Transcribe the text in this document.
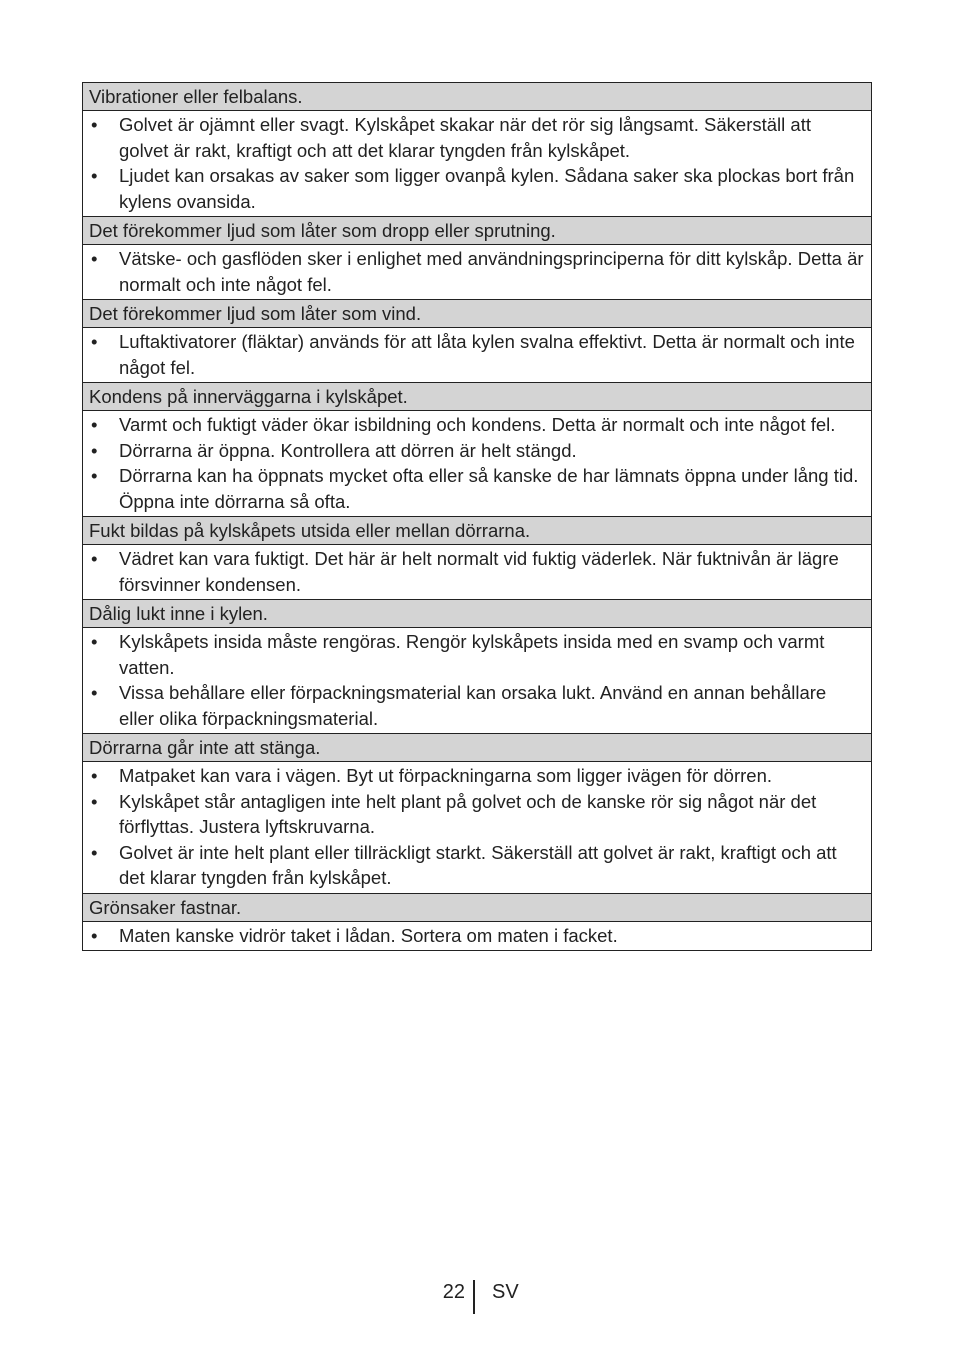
Vibrationer eller felbalans.
• Golvet är ojämnt eller svagt. Kylskåpet skakar när det rör sig långsamt. Säkerställ att golvet är rakt, kraftigt och att det klarar tyngden från kylskåpet.
• Ljudet kan orsakas av saker som ligger ovanpå kylen. Sådana saker ska plockas bort från kylens ovansida.
Det förekommer ljud som låter som dropp eller sprutning.
• Vätske- och gasflöden sker i enlighet med användningsprinciperna för ditt kylskåp. Detta är normalt och inte något fel.
Det förekommer ljud som låter som vind.
• Luftaktivatorer (fläktar) används för att låta kylen svalna effektivt. Detta är normalt och inte något fel.
Kondens på innerväggarna i kylskåpet.
• Varmt och fuktigt väder ökar isbildning och kondens. Detta är normalt och inte något fel.
• Dörrarna är öppna. Kontrollera att dörren är helt stängd.
• Dörrarna kan ha öppnats mycket ofta eller så kanske de har lämnats öppna under lång tid. Öppna inte dörrarna så ofta.
Fukt bildas på kylskåpets utsida eller mellan dörrarna.
• Vädret kan vara fuktigt. Det här är helt normalt vid fuktig väderlek. När fuktnivån är lägre försvinner kondensen.
Dålig lukt inne i kylen.
• Kylskåpets insida måste rengöras. Rengör kylskåpets insida med en svamp och varmt vatten.
• Vissa behållare eller förpackningsmaterial kan orsaka lukt. Använd en annan behållare eller olika förpackningsmaterial.
Dörrarna går inte att stänga.
• Matpaket kan vara i vägen. Byt ut förpackningarna som ligger ivägen för dörren.
• Kylskåpet står antagligen inte helt plant på golvet och de kanske rör sig något när det förflyttas. Justera lyftskruvarna.
• Golvet är inte helt plant eller tillräckligt starkt. Säkerställ att golvet är rakt, kraftigt och att det klarar tyngden från kylskåpet.
Grönsaker fastnar.
• Maten kanske vidrör taket i lådan. Sortera om maten i facket.
22 SV
